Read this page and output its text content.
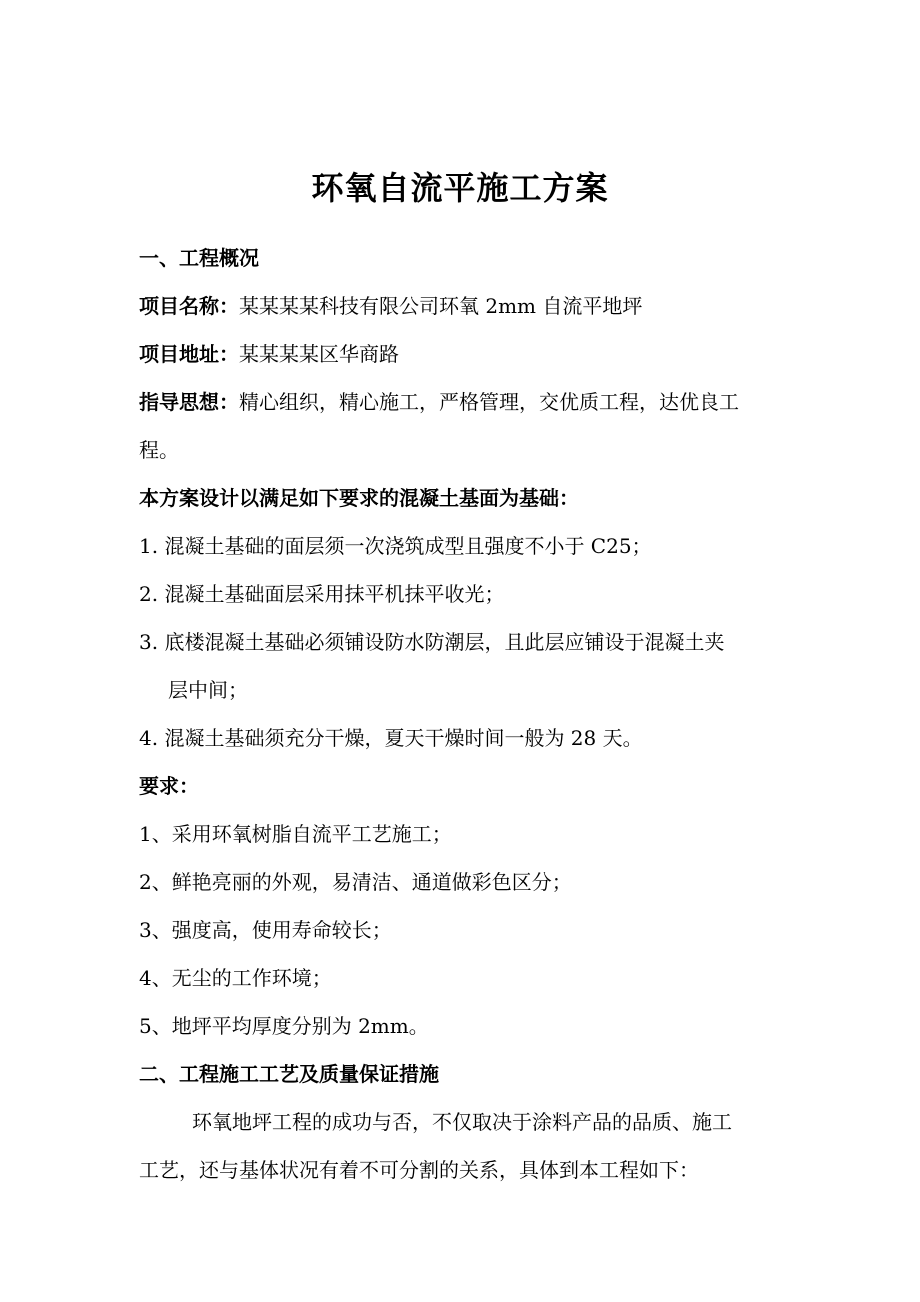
环氧自流平施工方案
一、工程概况
项目名称：某某某某科技有限公司环氧 2mm 自流平地坪
项目地址：某某某某区华商路
指导思想：精心组织，精心施工，严格管理，交优质工程，达优良工
程。
本方案设计以满足如下要求的混凝土基面为基础：
1. 混凝土基础的面层须一次浇筑成型且强度不小于 C25；
2. 混凝土基础面层采用抹平机抹平收光；
3. 底楼混凝土基础必须铺设防水防潮层，且此层应铺设于混凝土夹
层中间；
4. 混凝土基础须充分干燥，夏天干燥时间一般为 28 天。
要求：
1、采用环氧树脂自流平工艺施工；
2、鲜艳亮丽的外观，易清洁、通道做彩色区分；
3、强度高，使用寿命较长；
4、无尘的工作环境；
5、地坪平均厚度分别为 2mm。
二、工程施工工艺及质量保证措施
环氧地坪工程的成功与否，不仅取决于涂料产品的品质、施工
工艺，还与基体状况有着不可分割的关系，具体到本工程如下：
